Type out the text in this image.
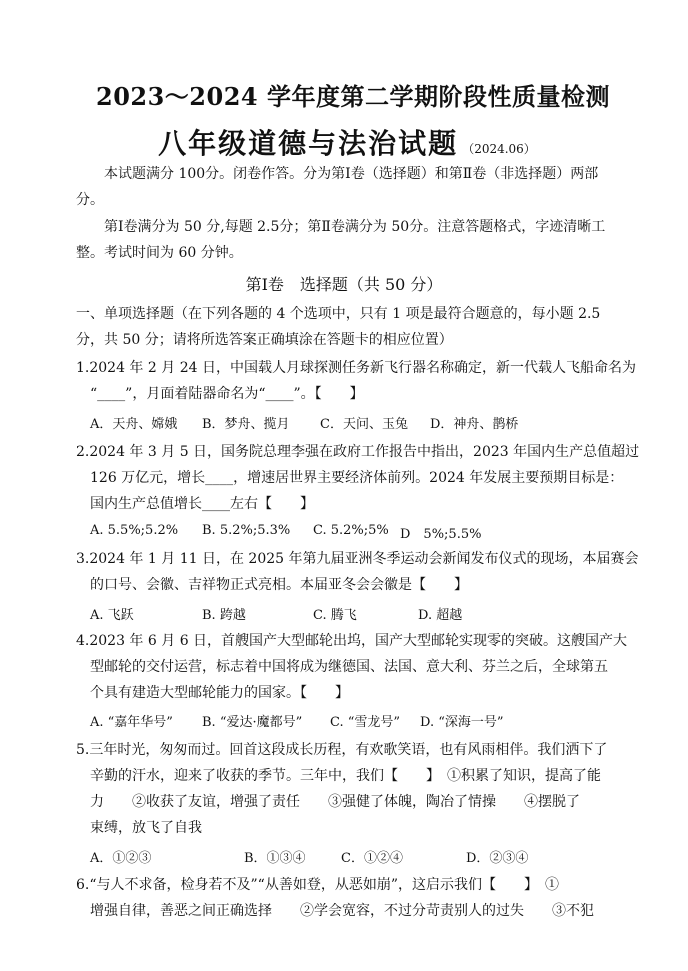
2023～2024 学年度第二学期阶段性质量检测
八年级道德与法治试题 （2024.06）
本试题满分 100分。闭卷作答。分为第Ⅰ卷（选择题）和第Ⅱ卷（非选择题）两部
分。
第Ⅰ卷满分为 50 分,每题 2.5分；第Ⅱ卷满分为 50分。注意答题格式，字迹清晰工
整。考试时间为 60 分钟。
第Ⅰ卷　选择题（共 50 分）
一、单项选择题（在下列各题的 4 个选项中，只有 1 项是最符合题意的，每小题 2.5
分，共 50 分；请将所选答案正确填涂在答题卡的相应位置）
1.2024 年 2 月 24 日，中国载人月球探测任务新飞行器名称确定，新一代载人飞船命名为
“____”，月面着陆器命名为“____”。【　　】
A．天舟、嫦娥 B．梦舟、揽月 C．天问、玉兔 D．神舟、鹊桥
2.2024 年 3 月 5 日，国务院总理李强在政府工作报告中指出，2023 年国内生产总值超过
126 万亿元，增长____，增速居世界主要经济体前列。2024 年发展主要预期目标是：
国内生产总值增长____左右【　　】
A. 5.5%;5.2% B. 5.2%;5.3% C. 5.2%;5% D　5%;5.5%
3.2024 年 1 月 11 日，在 2025 年第九届亚洲冬季运动会新闻发布仪式的现场，本届赛会
的口号、会徽、吉祥物正式亮相。本届亚冬会会徽是【　　】
A. 飞跃	B. 跨越	C. 腾飞	D. 超越
4.2023 年 6 月 6 日，首艘国产大型邮轮出坞，国产大型邮轮实现零的突破。这艘国产大
型邮轮的交付运营，标志着中国将成为继德国、法国、意大利、芬兰之后，全球第五
个具有建造大型邮轮能力的国家。【　　】
A. “嘉年华号” B. “爱达·魔都号” C. “雪龙号” D. “深海一号”
5.三年时光，匆匆而过。回首这段成长历程，有欢歌笑语，也有风雨相伴。我们洒下了
辛勤的汗水，迎来了收获的季节。三年中，我们【　　】　①积累了知识，提高了能
力　　②收获了友谊，增强了责任　　③强健了体魄，陶冶了情操　　④摆脱了
束缚，放飞了自我
A．①②③	B．①③④	C．①②④	D．②③④
6.“与人不求备，检身若不及”“从善如登，从恶如崩”，这启示我们【　　】　①
增强自律，善恶之间正确选择　　②学会宽容，不过分苛责别人的过失　　③不犯
